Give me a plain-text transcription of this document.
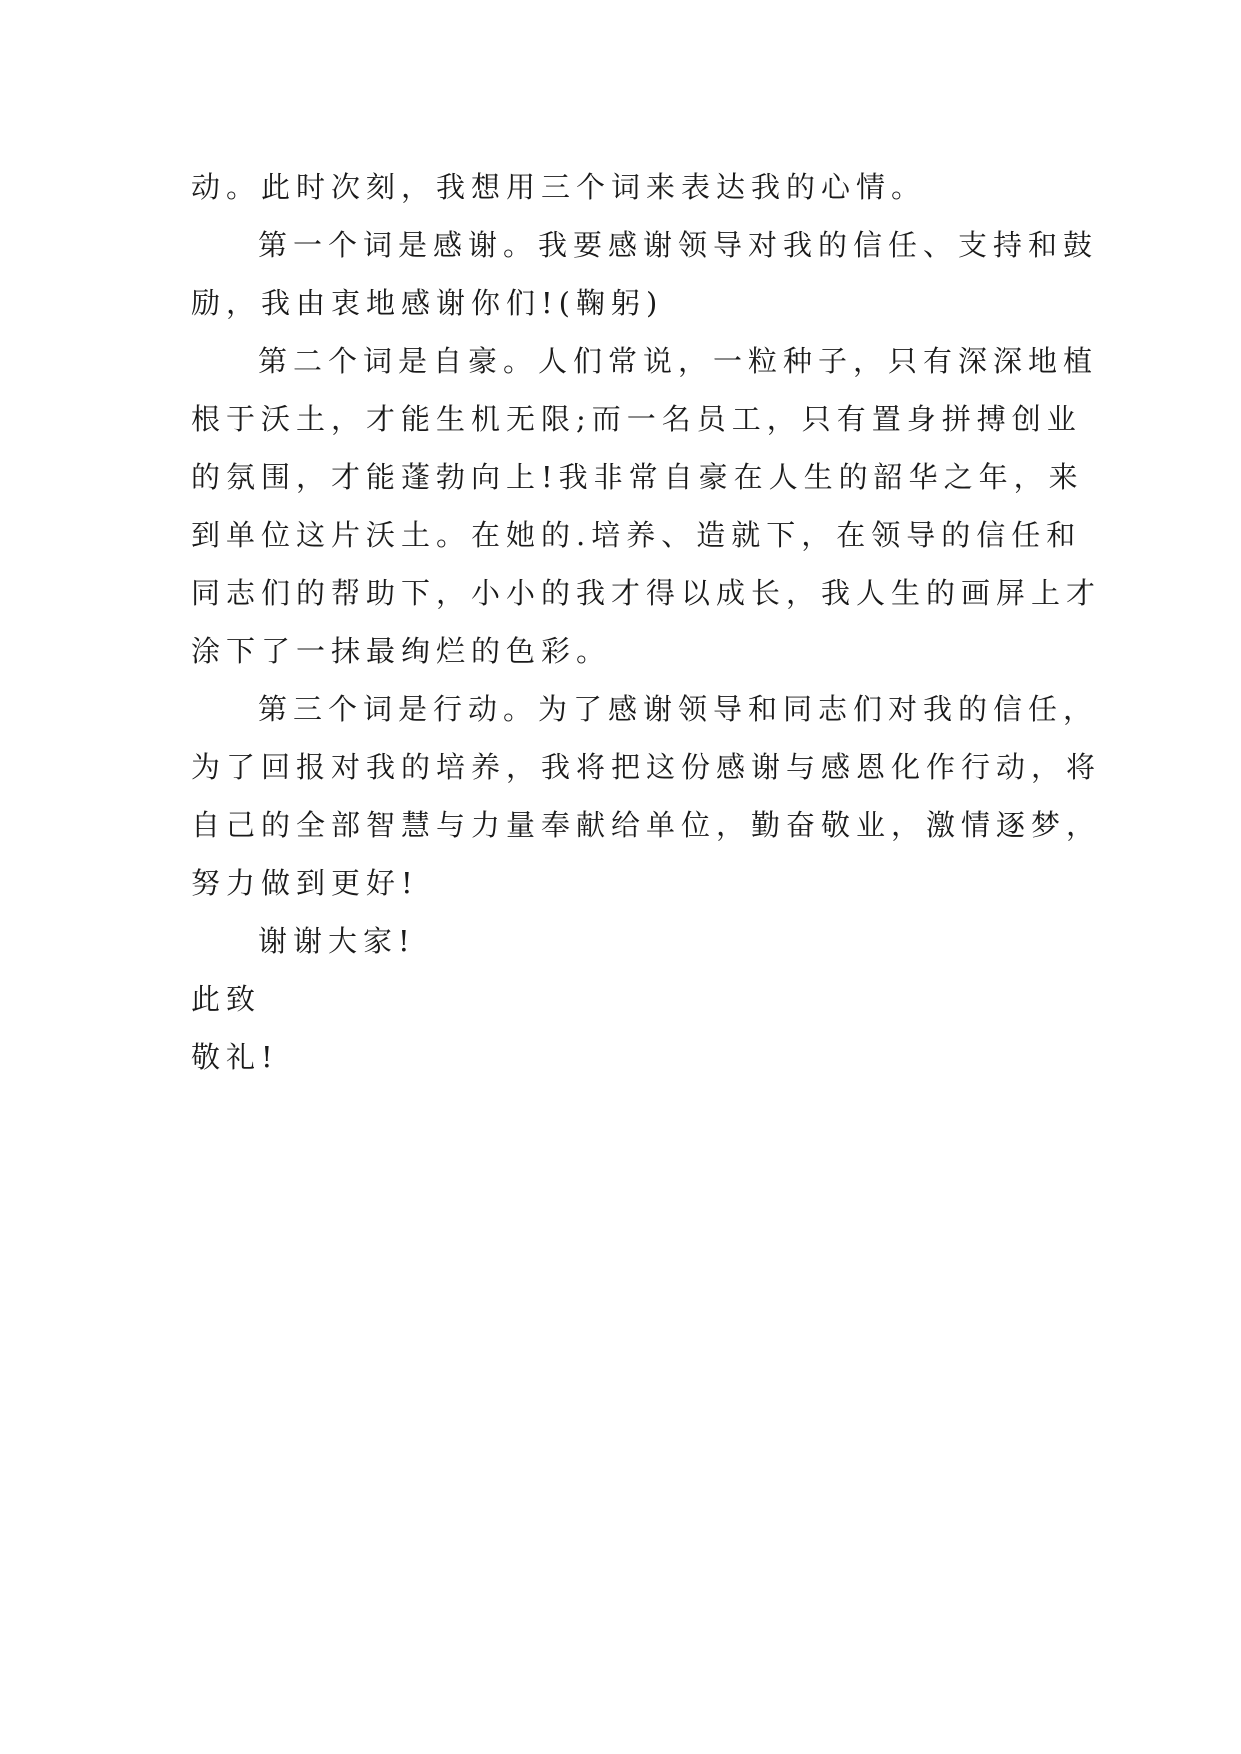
动。此时次刻，我想用三个词来表达我的心情。
第一个词是感谢。我要感谢领导对我的信任、支持和鼓
励，我由衷地感谢你们!(鞠躬)
第二个词是自豪。人们常说，一粒种子，只有深深地植
根于沃土，才能生机无限;而一名员工，只有置身拼搏创业
的氛围，才能蓬勃向上!我非常自豪在人生的韶华之年，来
到单位这片沃土。在她的.培养、造就下，在领导的信任和
同志们的帮助下，小小的我才得以成长，我人生的画屏上才
涂下了一抹最绚烂的色彩。
第三个词是行动。为了感谢领导和同志们对我的信任，
为了回报对我的培养，我将把这份感谢与感恩化作行动，将
自己的全部智慧与力量奉献给单位，勤奋敬业，激情逐梦，
努力做到更好!
谢谢大家!
此致
敬礼!
